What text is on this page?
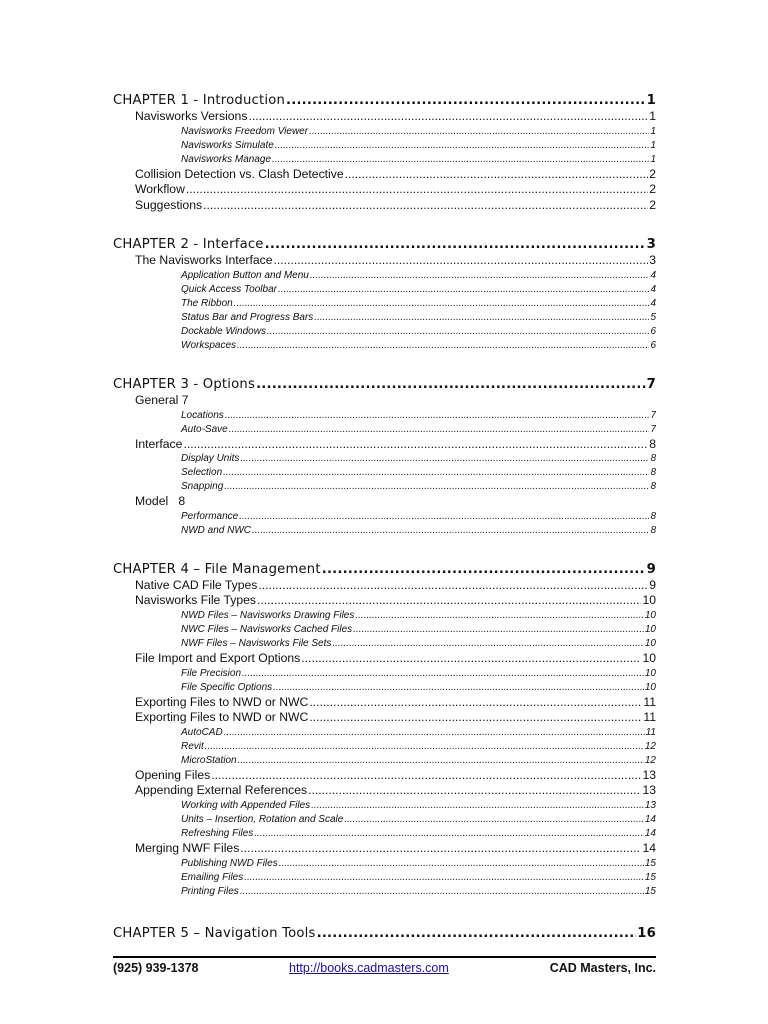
CHAPTER 1 - Introduction .....	1
Navisworks Versions .....	1
Navisworks Freedom Viewer .....	1
Navisworks Simulate .....	1
Navisworks Manage .....	1
Collision Detection vs. Clash Detective .....	2
Workflow .....	2
Suggestions .....	2
CHAPTER 2 - Interface .....	3
The Navisworks Interface .....	3
Application Button and Menu .....	4
Quick Access Toolbar .....	4
The Ribbon .....	4
Status Bar and Progress Bars .....	5
Dockable Windows .....	6
Workspaces .....	6
CHAPTER 3 - Options .....	7
General 7
Locations .....	7
Auto-Save .....	7
Interface .....	8
Display Units .....	8
Selection .....	8
Snapping .....	8
Model   8
Performance .....	8
NWD and NWC .....	8
CHAPTER 4 – File Management .....	9
Native CAD File Types .....	9
Navisworks File Types .....	10
NWD Files – Navisworks Drawing Files .....	10
NWC Files – Navisworks Cached Files .....	10
NWF Files – Navisworks File Sets .....	10
File Import and Export Options .....	10
File Precision .....	10
File Specific Options .....	10
Exporting Files to NWD or NWC .....	11
Exporting Files to NWD or NWC .....	11
AutoCAD .....	11
Revit .....	12
MicroStation .....	12
Opening Files .....	13
Appending External References .....	13
Working with Appended Files .....	13
Units – Insertion, Rotation and Scale .....	14
Refreshing Files .....	14
Merging NWF Files .....	14
Publishing NWD Files .....	15
Emailing Files .....	15
Printing Files .....	15
CHAPTER 5 – Navigation Tools .....	16
(925) 939-1378	http://books.cadmasters.com	CAD Masters, Inc.
